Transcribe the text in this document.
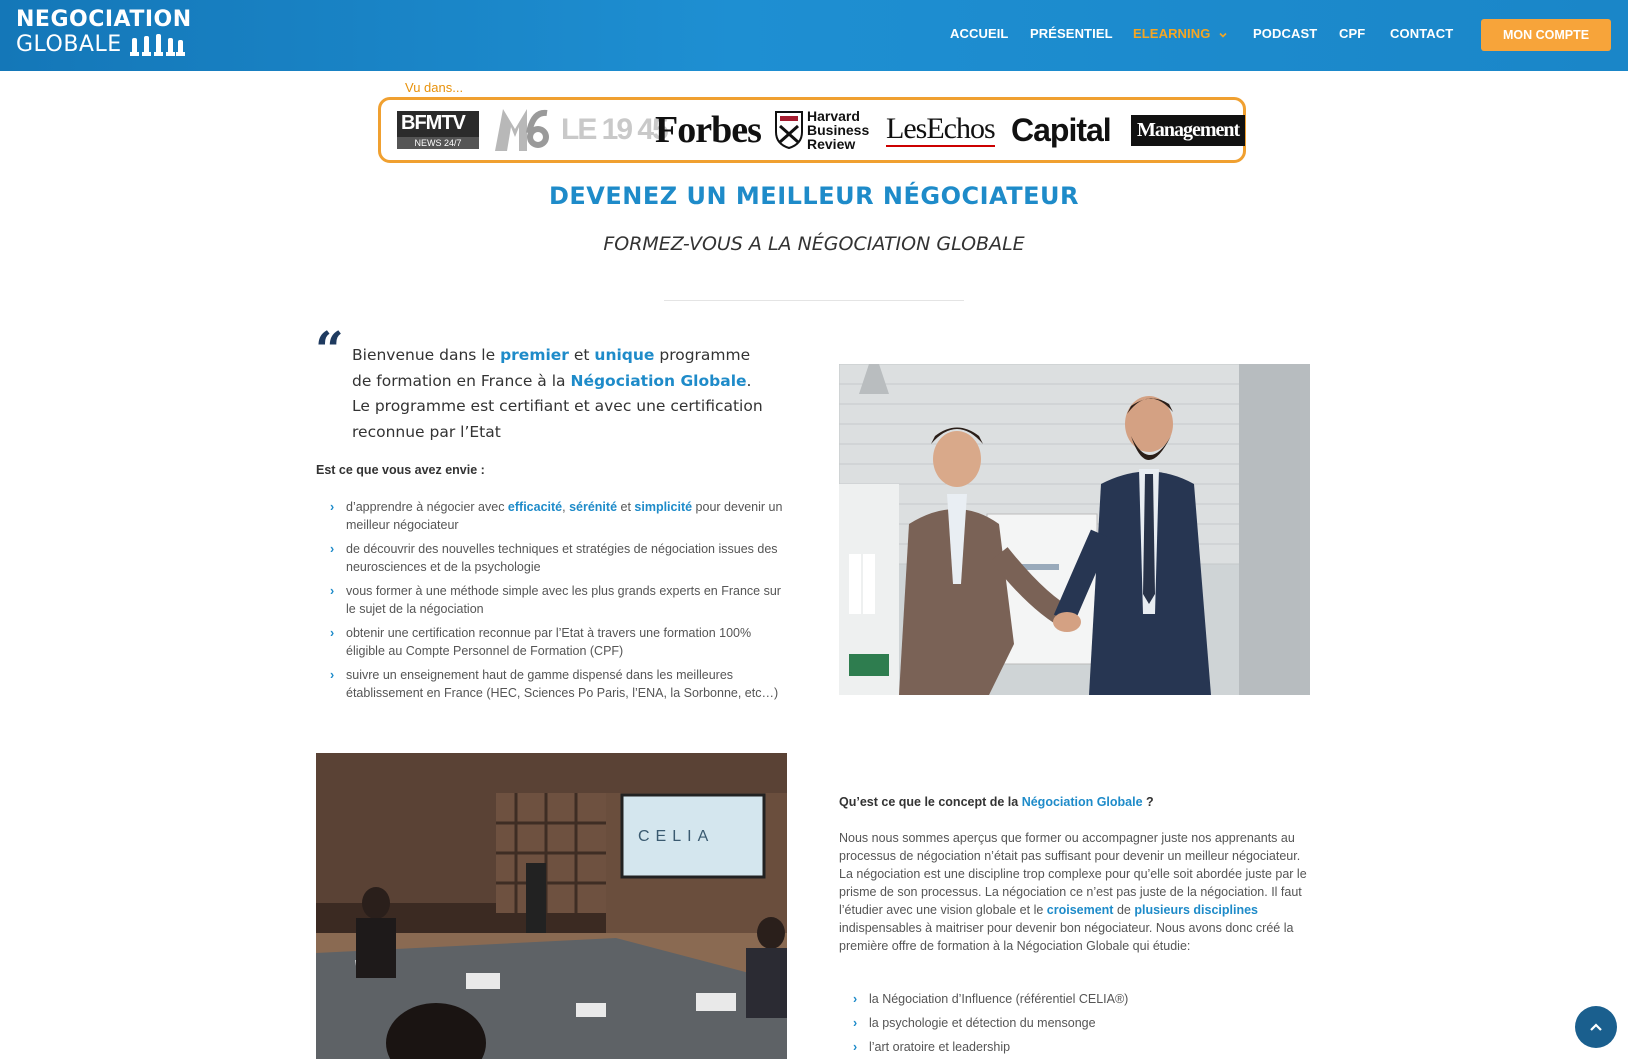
NEGOCIATION
GLOBALE	ACCUEIL PRÉSENTIEL ELEARNING	PODCAST CPF CONTACT	MON COMPTE
Vu dans...
BFMTV
NEWS 24/7	LE 19 45
Forbes	Harvard Business Review	LesEchos Capital	Management
DEVENEZ UN MEILLEUR NÉGOCIATEUR
FORMEZ-VOUS A LA NÉGOCIATION GLOBALE
“ Bienvenue dans le premier et unique programme de formation en France à la Négociation Globale. Le programme est certifiant et avec une certification reconnue par l’Etat

Est ce que vous avez envie :
› d’apprendre à négocier avec efficacité, sérénité et simplicité pour devenir un meilleur négociateur
› de découvrir des nouvelles techniques et stratégies de négociation issues des neurosciences et de la psychologie
› vous former à une méthode simple avec les plus grands experts en France sur le sujet de la négociation
› obtenir une certification reconnue par l’Etat à travers une formation 100% éligible au Compte Personnel de Formation (CPF)
› suivre un enseignement haut de gamme dispensé dans les meilleures établissement en France (HEC, Sciences Po Paris, l’ENA, la Sorbonne, etc…)
CELIA
Qu’est ce que le concept de la Négociation Globale ?

Nous nous sommes aperçus que former ou accompagner juste nos apprenants au processus de négociation n’était pas suffisant pour devenir un meilleur négociateur. La négociation est une discipline trop complexe pour qu’elle soit abordée juste par le prisme de son processus. La négociation ce n’est pas juste de la négociation. Il faut l’étudier avec une vision globale et le croisement de plusieurs disciplines indispensables à maitriser pour devenir bon négociateur. Nous avons donc créé la première offre de formation à la Négociation Globale qui étudie:

› la Négociation d’Influence (référentiel CELIA®)
› la psychologie et détection du mensonge
› l’art oratoire et leadership
